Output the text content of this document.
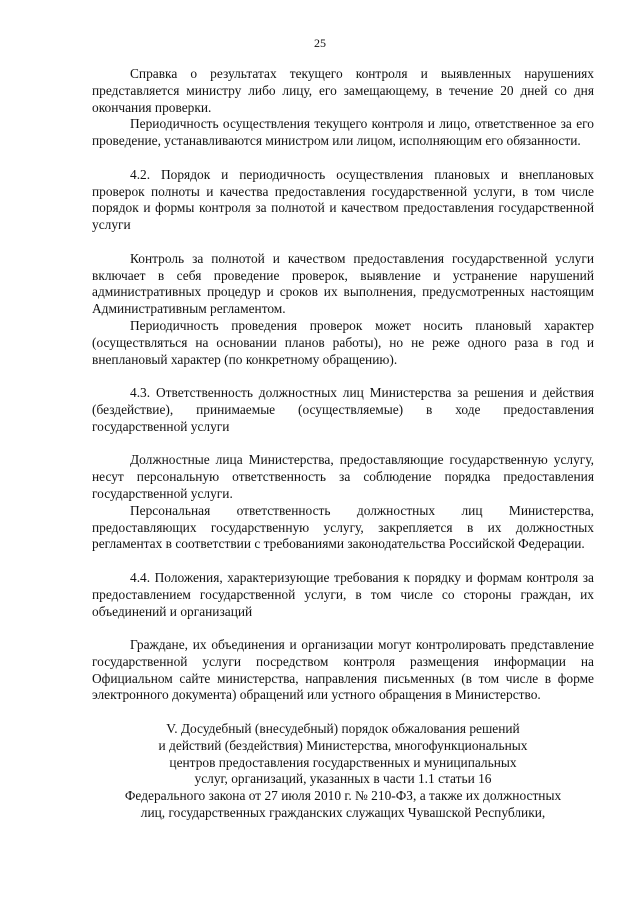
25

Справка о результатах текущего контроля и выявленных нарушениях представляется министру либо лицу, его замещающему, в течение 20 дней со дня окончания проверки.

Периодичность осуществления текущего контроля и лицо, ответственное за его проведение, устанавливаются министром или лицом, исполняющим его обязанности.

4.2. Порядок и периодичность осуществления плановых и внеплановых проверок полноты и качества предоставления государственной услуги, в том числе порядок и формы контроля за полнотой и качеством предоставления государственной услуги

Контроль за полнотой и качеством предоставления государственной услуги включает в себя проведение проверок, выявление и устранение нарушений административных процедур и сроков их выполнения, предусмотренных настоящим Административным регламентом.

Периодичность проведения проверок может носить плановый характер (осуществляться на основании планов работы), но не реже одного раза в год и внеплановый характер (по конкретному обращению).

4.3. Ответственность должностных лиц Министерства за решения и действия (бездействие), принимаемые (осуществляемые) в ходе предоставления государственной услуги

Должностные лица Министерства, предоставляющие государственную услугу, несут персональную ответственность за соблюдение порядка предоставления государственной услуги.

Персональная ответственность должностных лиц Министерства, предоставляющих государственную услугу, закрепляется в их должностных регламентах в соответствии с требованиями законодательства Российской Федерации.

4.4. Положения, характеризующие требования к порядку и формам контроля за предоставлением государственной услуги, в том числе со стороны граждан, их объединений и организаций

Граждане, их объединения и организации могут контролировать представление государственной услуги посредством контроля размещения информации на Официальном сайте министерства, направления письменных (в том числе в форме электронного документа) обращений или устного обращения в Министерство.

V. Досудебный (внесудебный) порядок обжалования решений
и действий (бездействия) Министерства, многофункциональных
центров предоставления государственных и муниципальных
услуг, организаций, указанных в части 1.1 статьи 16
Федерального закона от 27 июля 2010 г. № 210-ФЗ, а также их должностных
лиц, государственных гражданских служащих Чувашской Республики,
